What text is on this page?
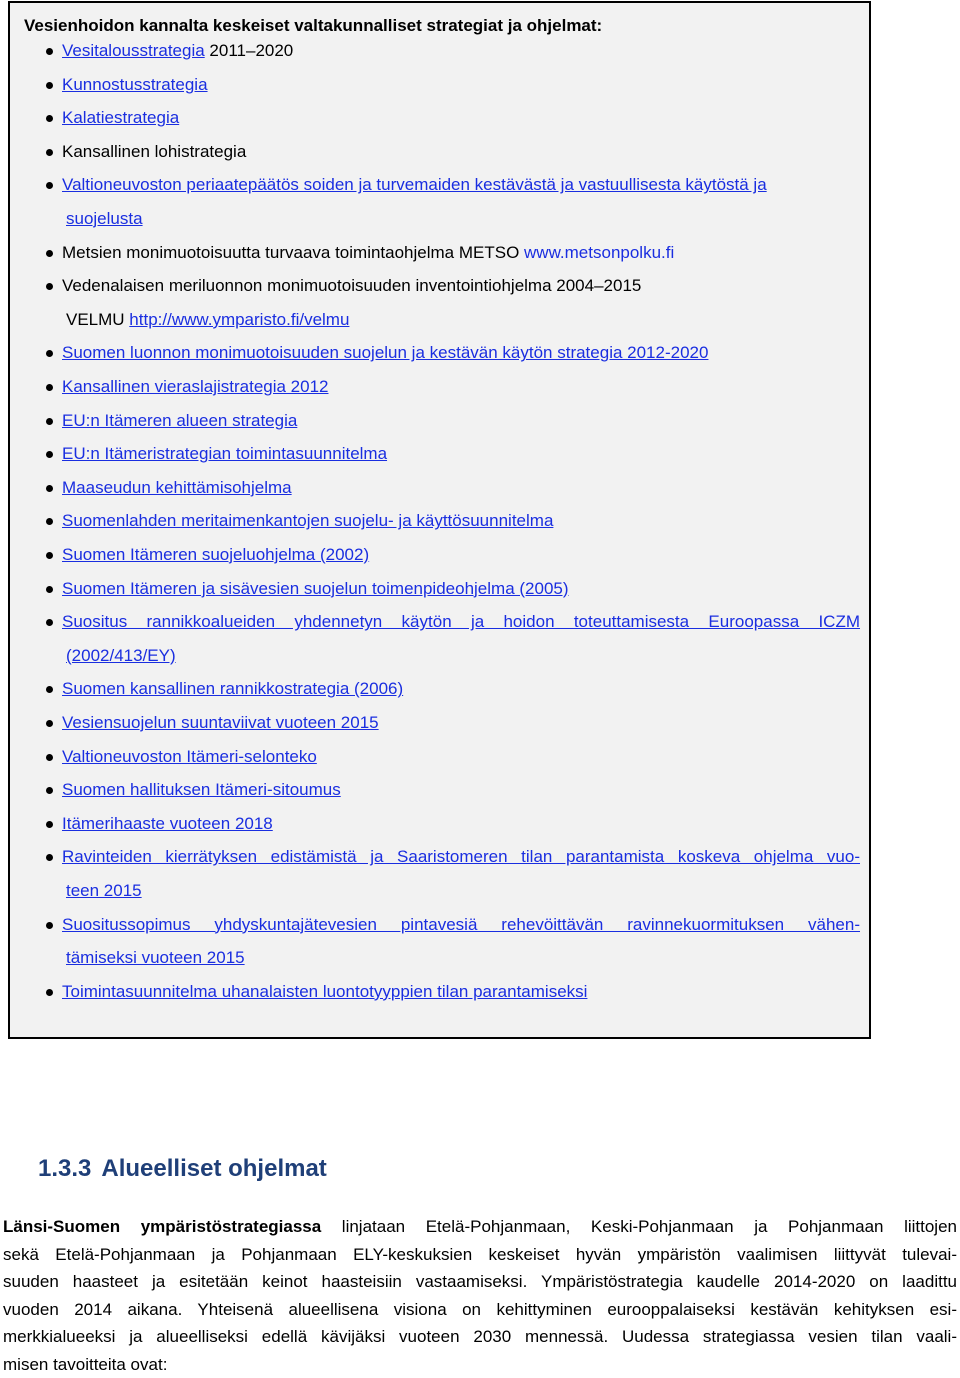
Vesienhoidon kannalta keskeiset valtakunnalliset strategiat ja ohjelmat:
Vesitalousstrategia 2011–2020
Kunnostusstrategia
Kalatiestrategia
Kansallinen lohistrategia
Valtioneuvoston periaatepäätös soiden ja turvemaiden kestävästä ja vastuullisesta käytöstä ja
suojelusta
Metsien monimuotoisuutta turvaava toimintaohjelma METSO www.metsonpolku.fi
Vedenalaisen meriluonnon monimuotoisuuden inventointiohjelma 2004–2015
VELMU http://www.ymparisto.fi/velmu
Suomen luonnon monimuotoisuuden suojelun ja kestävän käytön strategia 2012-2020
Kansallinen vieraslajistrategia 2012
EU:n Itämeren alueen strategia
EU:n Itämeristrategian toimintasuunnitelma
Maaseudun kehittämisohjelma
Suomenlahden meritaimenkantojen suojelu- ja käyttösuunnitelma
Suomen Itämeren suojeluohjelma (2002)
Suomen Itämeren ja sisävesien suojelun toimenpideohjelma (2005)
Suositus rannikkoalueiden yhdennetyn käytön ja hoidon toteuttamisesta Euroopassa ICZM
(2002/413/EY)
Suomen kansallinen rannikkostrategia (2006)
Vesiensuojelun suuntaviivat vuoteen 2015
Valtioneuvoston Itämeri-selonteko
Suomen hallituksen Itämeri-sitoumus
Itämerihaaste vuoteen 2018
Ravinteiden kierrätyksen edistämistä ja Saaristomeren tilan parantamista koskeva ohjelma vuo-
teen 2015
Suositussopimus yhdyskuntajätevesien pintavesiä rehevöittävän ravinnekuormituksen vähen-
tämiseksi vuoteen 2015
Toimintasuunnitelma uhanalaisten luontotyyppien tilan parantamiseksi
1.3.3 Alueelliset ohjelmat
Länsi-Suomen ympäristöstrategiassa linjataan Etelä-Pohjanmaan, Keski-Pohjanmaan ja Pohjanmaan liittojen
sekä Etelä-Pohjanmaan ja Pohjanmaan ELY-keskuksien keskeiset hyvän ympäristön vaalimisen liittyvät tulevai-
suuden haasteet ja esitetään keinot haasteisiin vastaamiseksi. Ympäristöstrategia kaudelle 2014-2020 on laadittu
vuoden 2014 aikana. Yhteisenä alueellisena visiona on kehittyminen eurooppalaiseksi kestävän kehityksen esi-
merkkialueeksi ja alueelliseksi edellä kävijäksi vuoteen 2030 mennessä. Uudessa strategiassa vesien tilan vaali-
misen tavoitteita ovat:
